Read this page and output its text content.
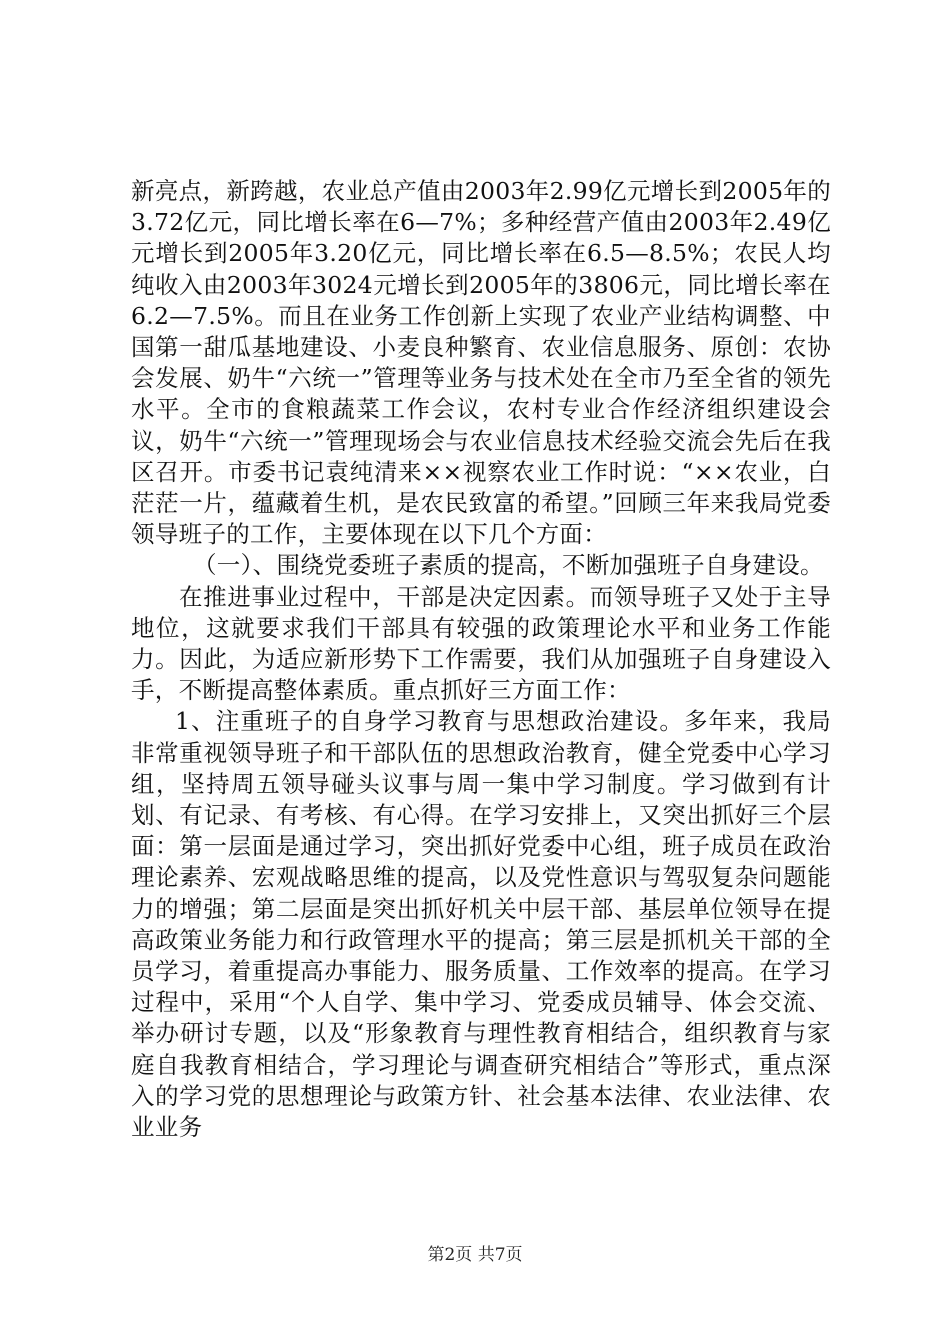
新亮点，新跨越，农业总产值由2003年2.99亿元增长到2005年的3.72亿元，同比增长率在6—7%；多种经营产值由2003年2.49亿元增长到2005年3.20亿元，同比增长率在6.5—8.5%；农民人均纯收入由2003年3024元增长到2005年的3806元，同比增长率在6.2—7.5%。而且在业务工作创新上实现了农业产业结构调整、中国第一甜瓜基地建设、小麦良种繁育、农业信息服务、原创：农协会发展、奶牛“六统一”管理等业务与技术处在全市乃至全省的领先水平。全市的食粮蔬菜工作会议，农村专业合作经济组织建设会议，奶牛“六统一”管理现场会与农业信息技术经验交流会先后在我区召开。市委书记袁纯清来××视察农业工作时说：“××农业，白茫茫一片，蕴藏着生机，是农民致富的希望。”回顾三年来我局党委领导班子的工作，主要体现在以下几个方面：

（一）、围绕党委班子素质的提高，不断加强班子自身建设。

在推进事业过程中，干部是决定因素。而领导班子又处于主导地位，这就要求我们干部具有较强的政策理论水平和业务工作能力。因此，为适应新形势下工作需要，我们从加强班子自身建设入手，不断提高整体素质。重点抓好三方面工作：

1、注重班子的自身学习教育与思想政治建设。多年来，我局非常重视领导班子和干部队伍的思想政治教育，健全党委中心学习组，坚持周五领导碰头议事与周一集中学习制度。学习做到有计划、有记录、有考核、有心得。在学习安排上，又突出抓好三个层面：第一层面是通过学习，突出抓好党委中心组，班子成员在政治理论素养、宏观战略思维的提高，以及党性意识与驾驭复杂问题能力的增强；第二层面是突出抓好机关中层干部、基层单位领导在提高政策业务能力和行政管理水平的提高；第三层是抓机关干部的全员学习，着重提高办事能力、服务质量、工作效率的提高。在学习过程中，采用“个人自学、集中学习、党委成员辅导、体会交流、举办研讨专题，以及“形象教育与理性教育相结合，组织教育与家庭自我教育相结合，学习理论与调查研究相结合”等形式，重点深入的学习党的思想理论与政策方针、社会基本法律、农业法律、农业业务

第2页 共7页
